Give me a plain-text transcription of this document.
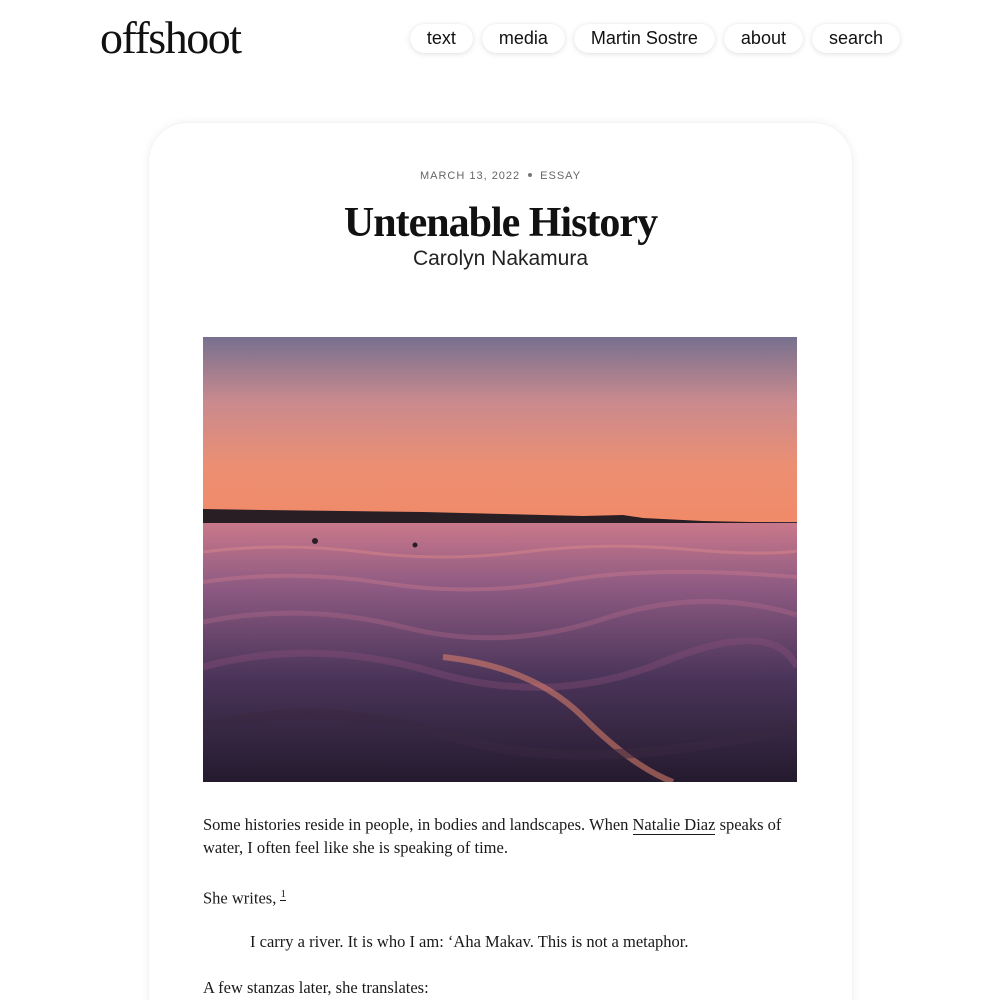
offshoot	text	media	Martin Sostre	about	search
MARCH 13, 2022 ESSAY
Untenable History
Carolyn Nakamura

Some histories reside in people, in bodies and landscapes. When Natalie Diaz speaks of water, I often feel like she is speaking of time.

She writes, $^1$

I carry a river. It is who I am: ‘Aha Makav. This is not a metaphor.

A few stanzas later, she translates:
